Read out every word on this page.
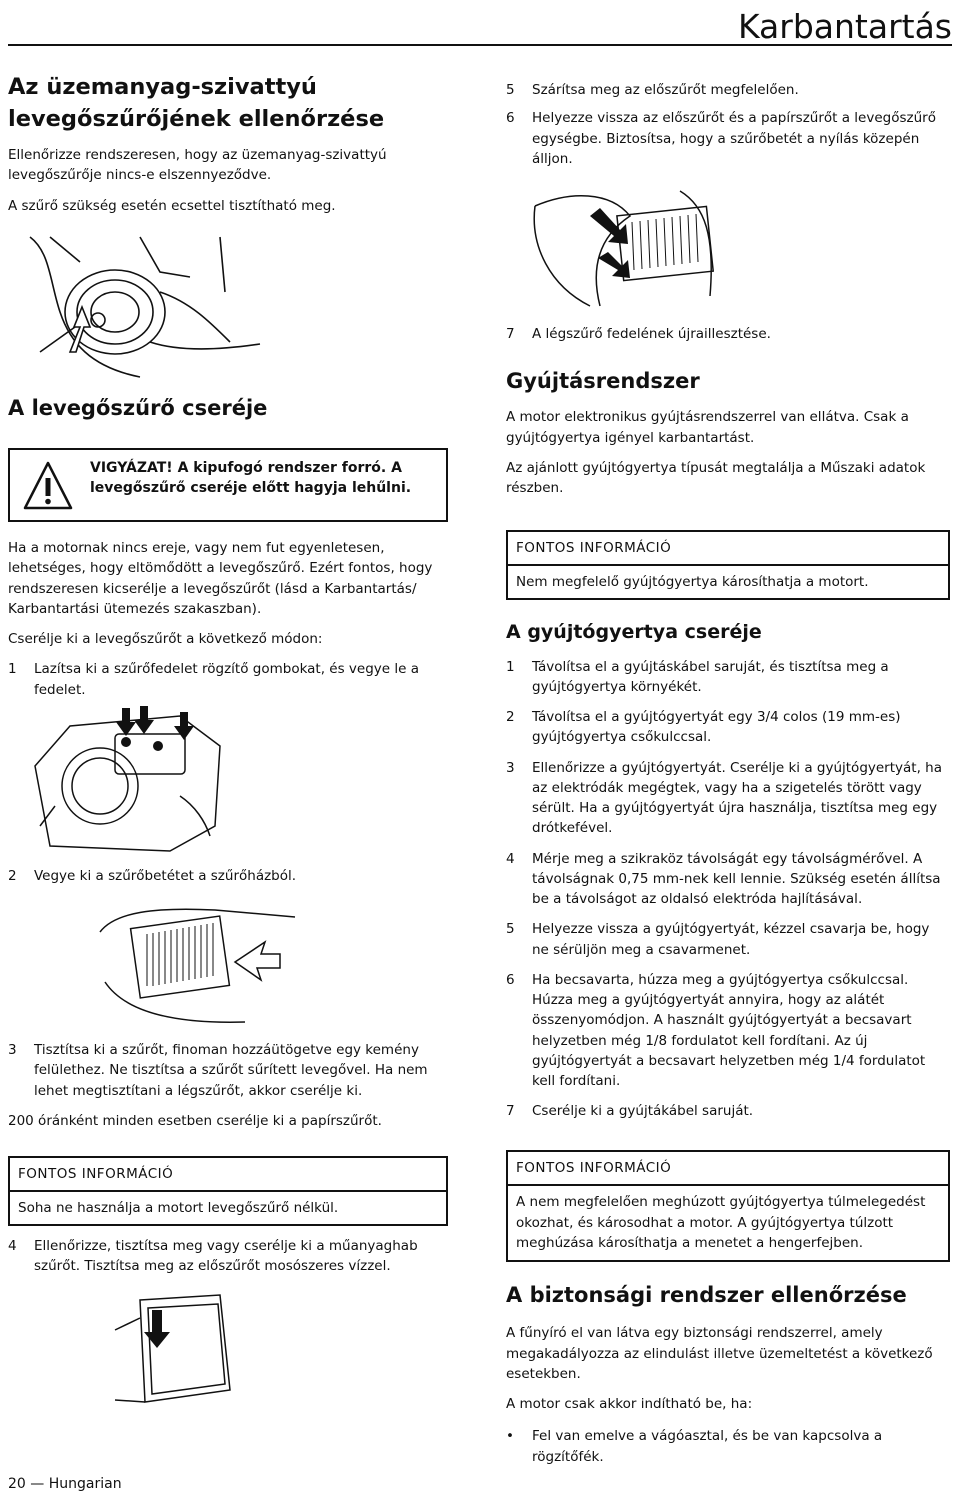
Karbantartás
Az üzemanyag-szivattyú
levegőszűrőjének ellenőrzése

Ellenőrizze rendszeresen, hogy az üzemanyag-szivattyú levegőszűrője nincs-e elszennyeződve.

A szűrő szükség esetén ecsettel tisztítható meg.

A levegőszűrő cseréje
VIGYÁZAT! A kipufogó rendszer forró. A
levegőszűrő cseréje előtt hagyja lehűlni.

Ha a motornak nincs ereje, vagy nem fut egyenletesen, lehetséges, hogy eltömődött a levegőszűrő. Ezért fontos, hogy rendszeresen kicserélje a levegőszűrőt (lásd a Karbantartás/ Karbantartási ütemezés szakaszban).

Cserélje ki a levegőszűrőt a következő módon:

1	Lazítsa ki a szűrőfedelet rögzítő gombokat, és vegye le a fedelet.
2	Vegye ki a szűrőbetétet a szűrőházból.
3	Tisztítsa ki a szűrőt, finoman hozzáütögetve egy kemény felülethez. Ne tisztítsa a szűrőt sűrített levegővel. Ha nem lehet megtisztítani a légszűrőt, akkor cserélje ki.

200 óránként minden esetben cserélje ki a papírszűrőt.

FONTOS INFORMÁCIÓ
Soha ne használja a motort levegőszűrő nélkül.
4	Ellenőrizze, tisztítsa meg vagy cserélje ki a műanyaghab szűrőt. Tisztítsa meg az előszűrőt mosószeres vízzel.
20 — Hungarian
5	Szárítsa meg az előszűrőt megfelelően.
6	Helyezze vissza az előszűrőt és a papírszűrőt a levegőszűrő egységbe. Biztosítsa, hogy a szűrőbetét a nyílás közepén álljon.
7	A légszűrő fedelének újraillesztése.
Gyújtásrendszer

A motor elektronikus gyújtásrendszerrel van ellátva. Csak a gyújtógyertya igényel karbantartást.

Az ajánlott gyújtógyertya típusát megtalálja a Műszaki adatok részben.

FONTOS INFORMÁCIÓ
Nem megfelelő gyújtógyertya károsíthatja a motort.
A gyújtógyertya cseréje
1	Távolítsa el a gyújtáskábel saruját, és tisztítsa meg a gyújtógyertya környékét.
2	Távolítsa el a gyújtógyertyát egy 3/4 colos (19 mm-es) gyújtógyertya csőkulccsal.
3	Ellenőrizze a gyújtógyertyát. Cserélje ki a gyújtógyertyát, ha az elektródák megégtek, vagy ha a szigetelés törött vagy sérült. Ha a gyújtógyertyát újra használja, tisztítsa meg egy drótkefével.
4	Mérje meg a szikraköz távolságát egy távolságmérővel. A távolságnak 0,75 mm-nek kell lennie. Szükség esetén állítsa be a távolságot az oldalsó elektróda hajlításával.
5	Helyezze vissza a gyújtógyertyát, kézzel csavarja be, hogy ne sérüljön meg a csavarmenet.
6	Ha becsavarta, húzza meg a gyújtógyertya csőkulccsal. Húzza meg a gyújtógyertyát annyira, hogy az alátét összenyomódjon. A használt gyújtógyertyát a becsavart helyzetben még 1/8 fordulatot kell fordítani. Az új gyújtógyertyát a becsavart helyzetben még 1/4 fordulatot kell fordítani.
7	Cserélje ki a gyújtákábel saruját.
FONTOS INFORMÁCIÓ
A nem megfelelően meghúzott gyújtógyertya túlmelegedést okozhat, és károsodhat a motor. A gyújtógyertya túlzott meghúzása károsíthatja a menetet a hengerfejben.
A biztonsági rendszer ellenőrzése

A fűnyíró el van látva egy biztonsági rendszerrel, amely megakadályozza az elindulást illetve üzemeltetést a következő esetekben.

A motor csak akkor indítható be, ha:

•	Fel van emelve a vágóasztal, és be van kapcsolva a rögzítőfék.
